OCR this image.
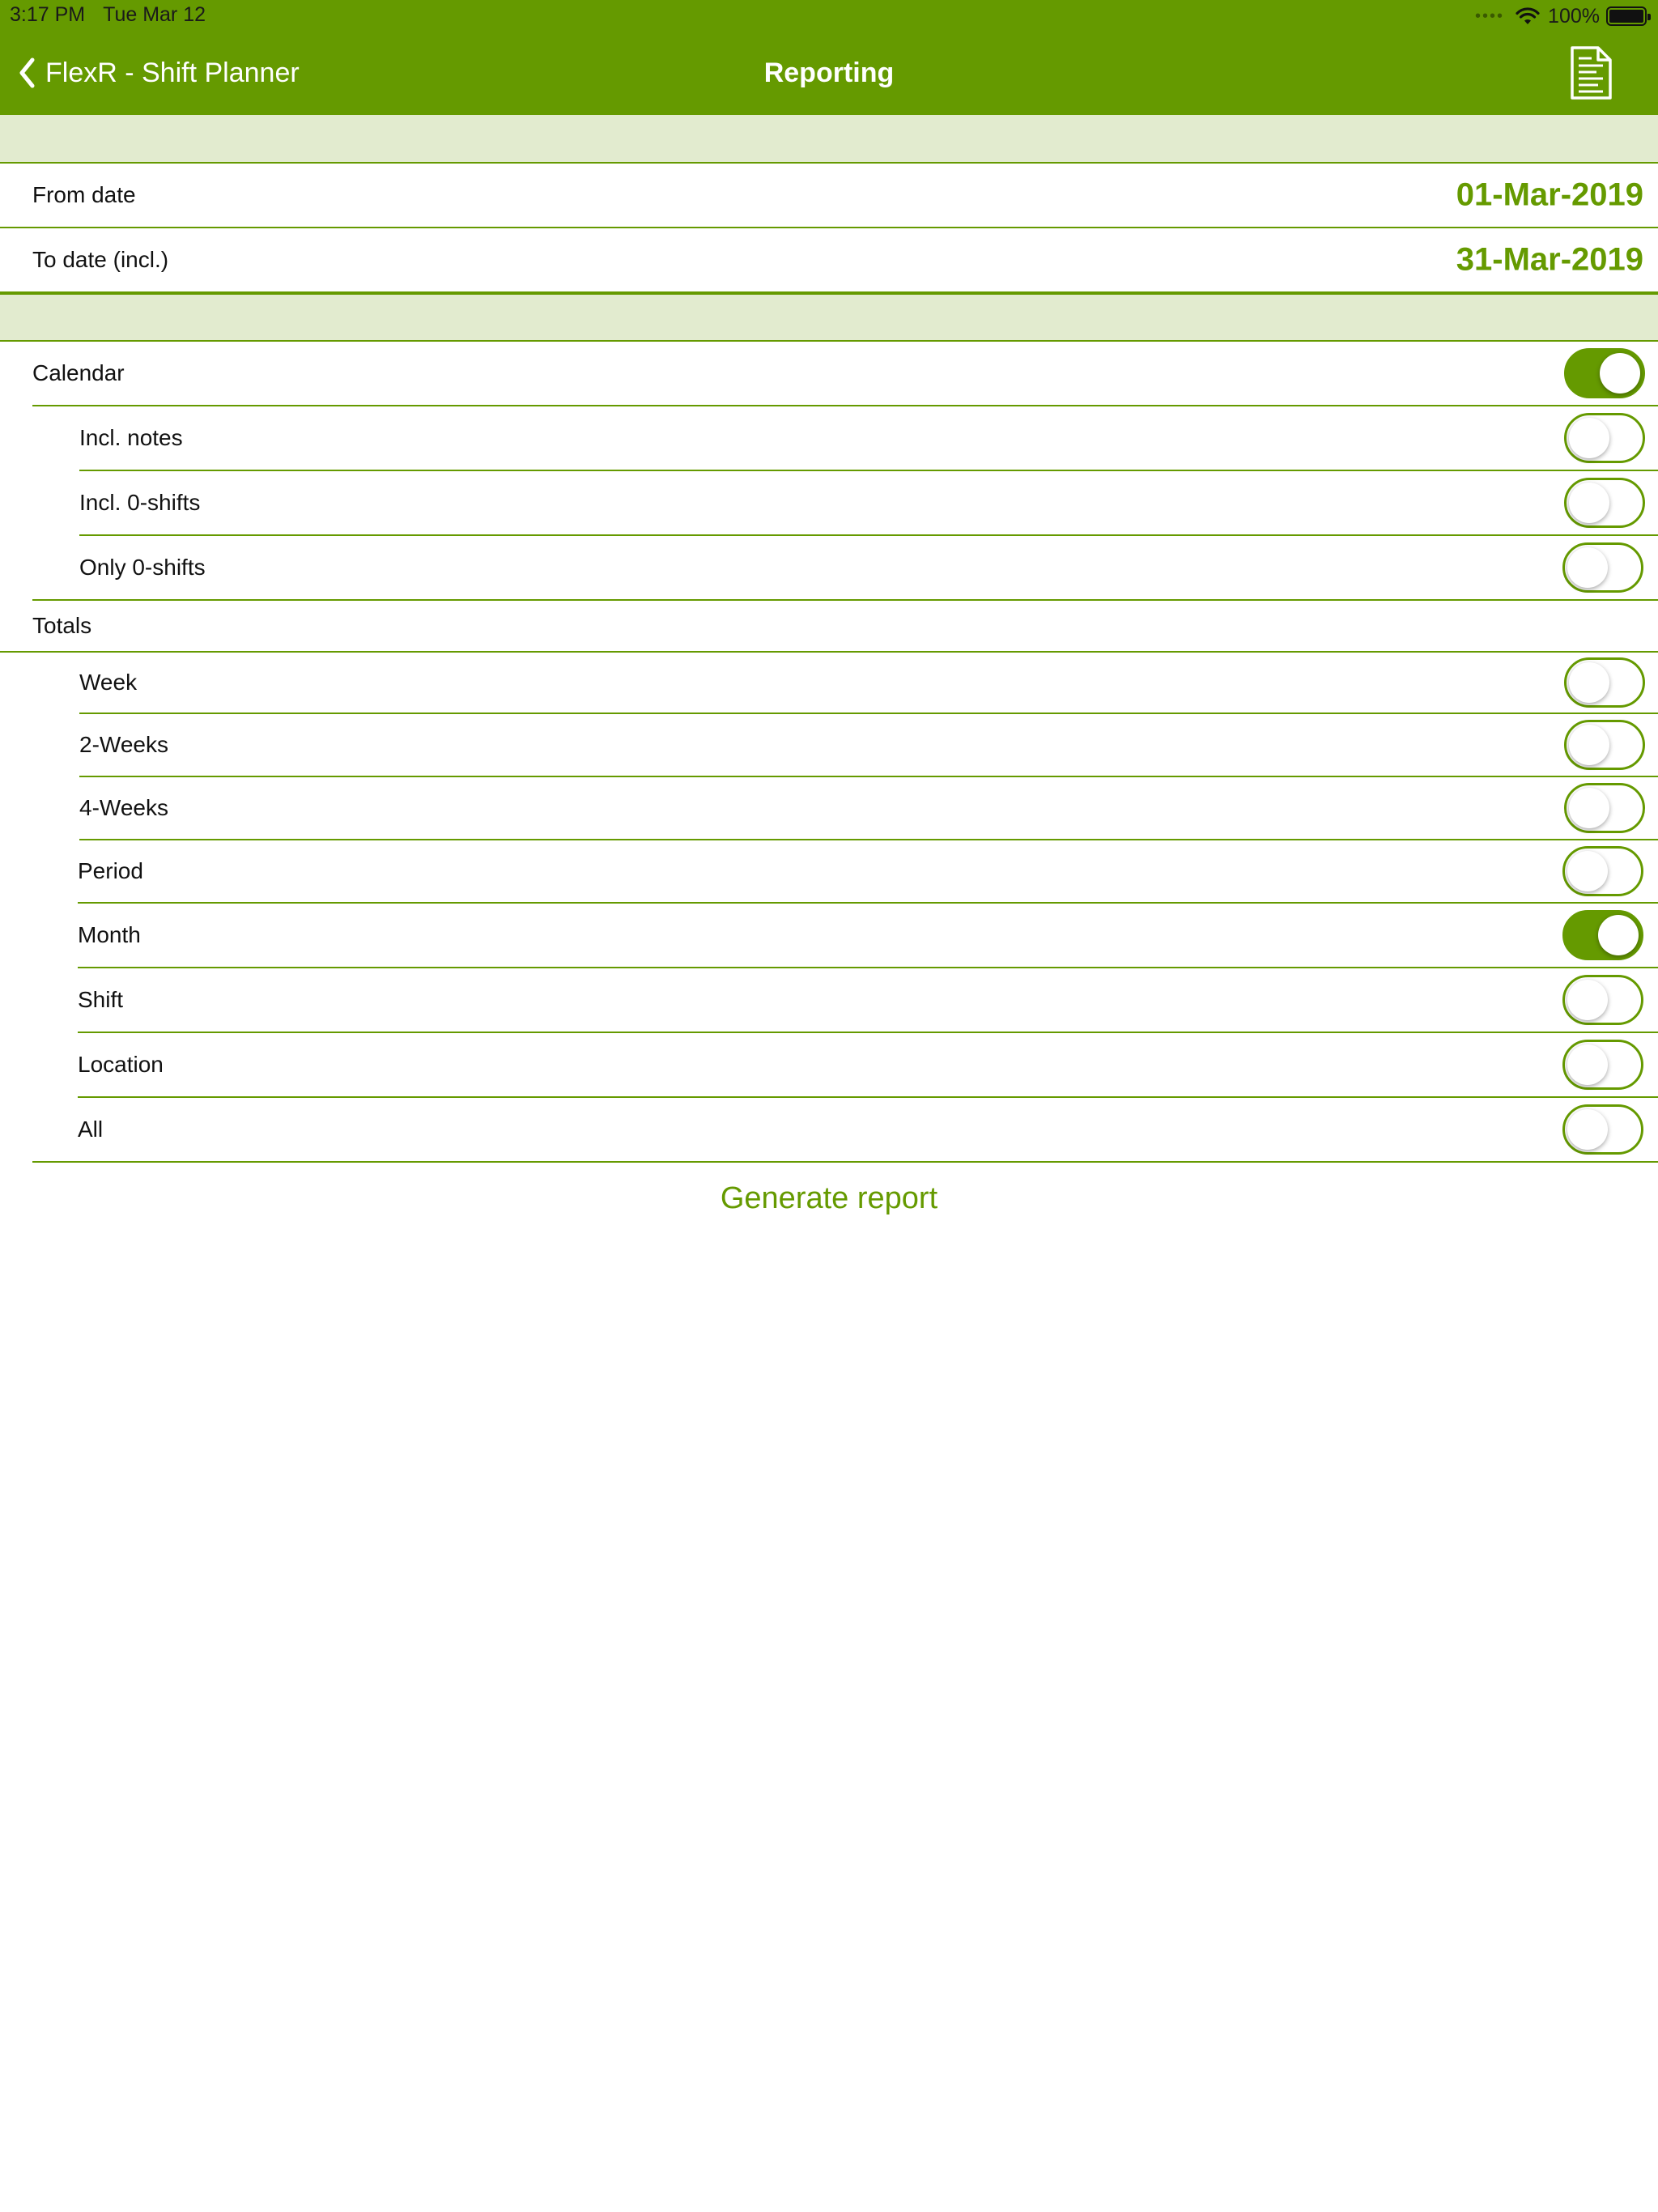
3:17 PM Tue Mar 12	•••• 100%
FlexR - Shift Planner	Reporting
From date	01-Mar-2019
To date (incl.)	31-Mar-2019
Calendar
Incl. notes
Incl. 0-shifts
Only 0-shifts
Totals
Week
2-Weeks
4-Weeks
Period
Month
Shift
Location
All
Generate report
